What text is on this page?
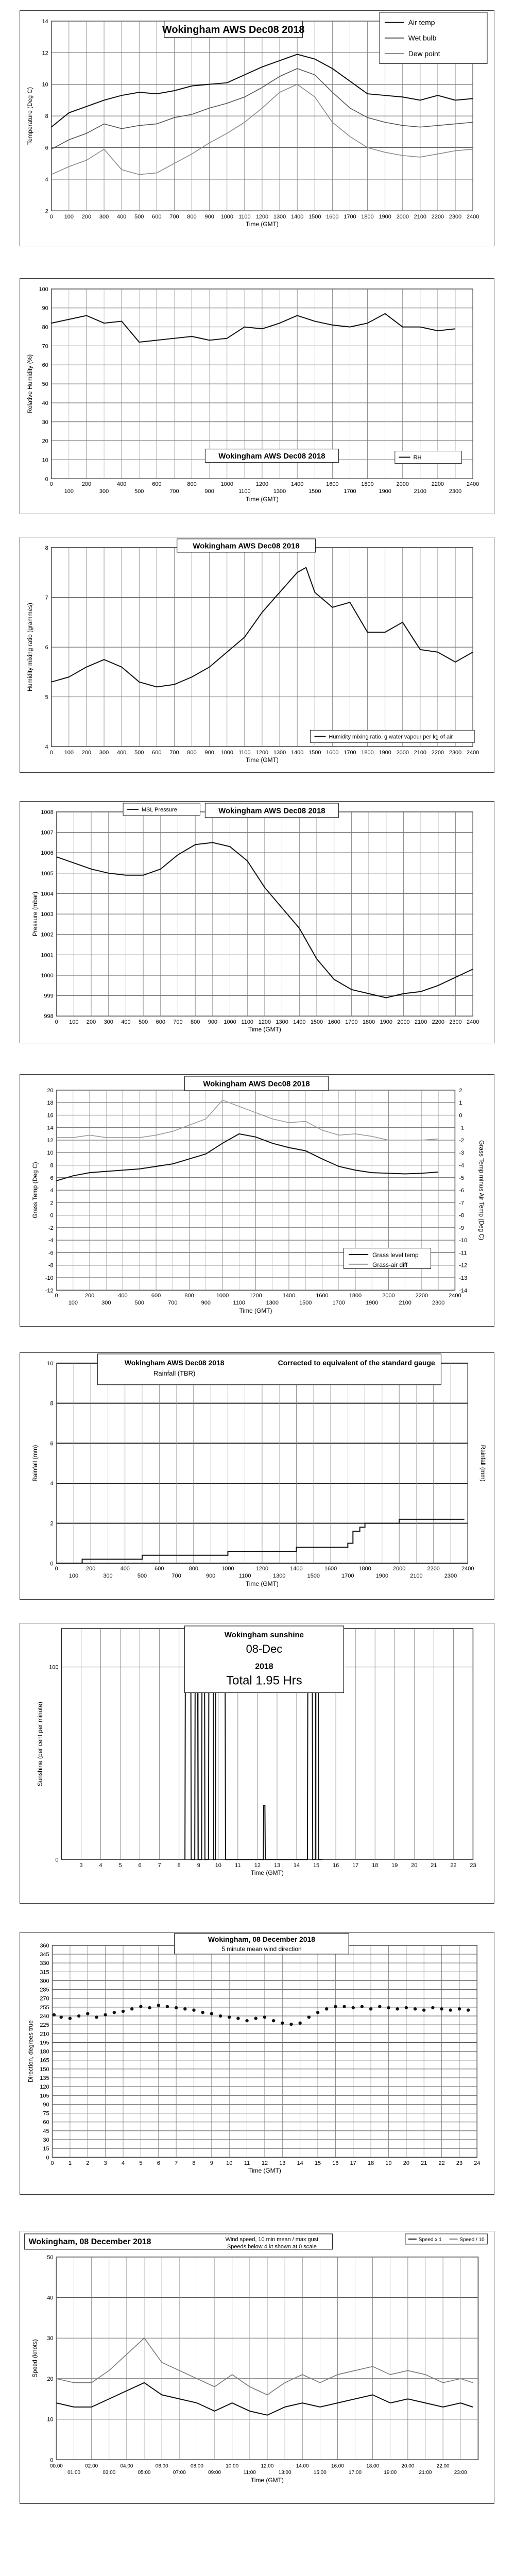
2
4
6
8
10
12
14
0 100 200 300 400 500 600 700 800 900 1000 1100 1200 1300 1400 1500 1600 1700 1800 1900 2000 2100 2200 2300 2400
Time (GMT)
Temperature (Deg C)
Wokingham AWS Dec08 2018
Air temp
Wet bulb
Dew point
0
10
20
30
40
50
60
70
80
90
100
0	200	400	600	800	1000	1200	1400	1600	1800	2000	2200	2400
100	300	500	700	900	1100	1300	1500	1700	1900	2100	2300
Time (GMT)
Relative Humidity (%)
Wokingham AWS Dec08 2018	RH
4
5
6
7
8
0 100 200 300 400 500 600 700 800 900 1000 1100 1200 1300 1400 1500 1600 1700 1800 1900 2000 2100 2200 2300 2400
Time (GMT)
Humidity mixing ratio (grammes)
Wokingham AWS Dec08 2018
Humidity mixing ratio, g water vapour per kg of air
998
999
1000
1001
1002
1003
1004
1005
1006
1007
1008
0 100 200 300 400 500 600 700 800 900 1000 1100 1200 1300 1400 1500 1600 1700 1800 1900 2000 2100 2200 2300 2400
Time (GMT)
Pressure (mbar)
Wokingham AWS Dec08 2018
MSL Pressure
-12
-10
-8
-6
-4
-2
0
2
4
6
8
10
12
14
16
18
20
-14
-13
-12
-11
-10
-9
-8
-7
-6
-5
-4
-3
-2
-1
0
1
2
0	200	400	600	800	1000	1200	1400	1600	1800	2000	2200	2400
100	300	500	700	900	1100	1300	1500	1700	1900	2100	2300
Time (GMT)
Grass Temp (Deg C)	Grass Temp minus Air Temp (Deg C)
Wokingham AWS Dec08 2018
Grass level temp
Grass-air diff
0
2
4
6
8
10
0	200	400	600	800	1000	1200	1400	1600	1800	2000	2200	2400
100	300	500	700	900	1100	1300	1500	1700	1900	2100	2300
Time (GMT)
Rainfall (mm)	Rainfall (mm)
Wokingham AWS Dec08 2018
Rainfall (TBR)
Corrected to equivalent of the standard gauge
0
100
3	4	5	6	7	8	9	10 11 12 13 14 15 16 17 18 19 20 21 22 23
Time (GMT)
Sunshine (per cent per minute)
Wokingham sunshine
08-Dec
2018
Total 1.95 Hrs
0
15
30
45
60
75
90
105
120
135
150
165
180
195
210
225
240
255
270
285
300
315
330
345
360
0	1	2	3	4	5	6	7	8	9 10 11 12 13 14 15 16 17 18 19 20 21 22 23 24
Time (GMT)
Direction, degrees true
Wokingham, 08 December 2018
5 minute mean wind direction
0
10
20
30
40
50
00:00	02:00	04:00	06:00	08:00	10:00	12:00	14:00	16:00	18:00	20:00	22:00
01:00	03:00	05:00	07:00	09:00	11:00	13:00	15:00	17:00	19:00	21:00	23:00
Time (GMT)
Speed (knots)
Wokingham, 08 December 2018	Wind speed, 10 min mean / max gust
Speeds below 4 kt shown at 0 scale
Speed x 1	Speed / 10
